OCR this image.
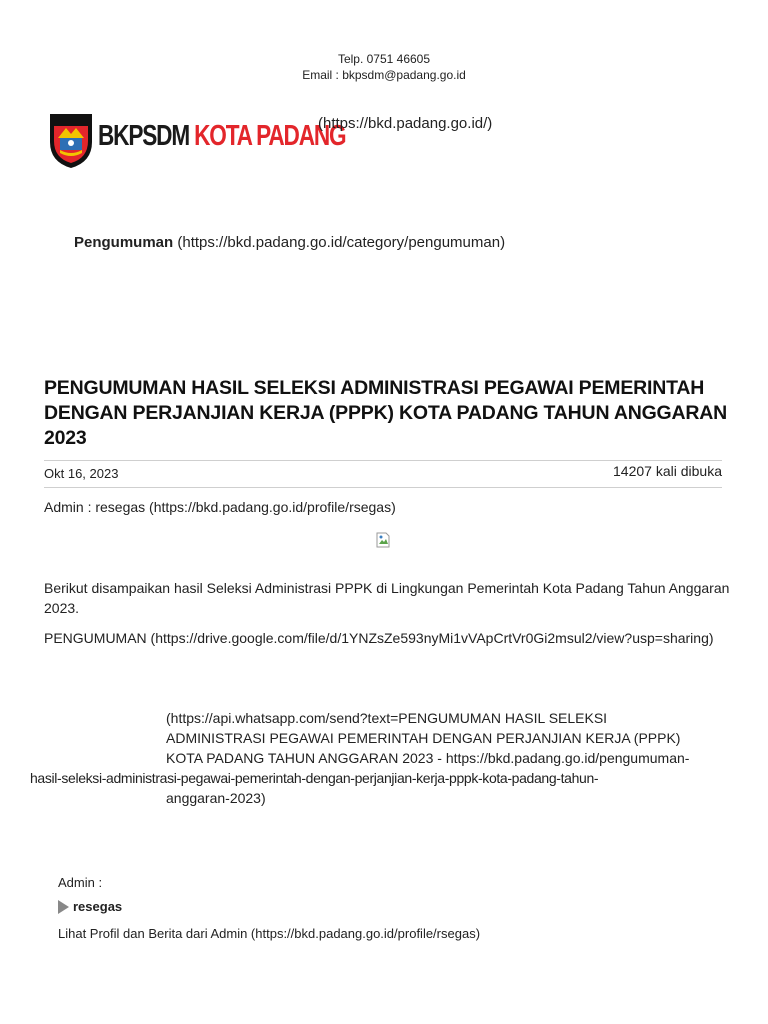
Telp. 0751 46605
Email : bkpsdm@padang.go.id
BKPSDM KOTA PADANG
(https://bkd.padang.go.id/)
Pengumuman (https://bkd.padang.go.id/category/pengumuman)
PENGUMUMAN HASIL SELEKSI ADMINISTRASI PEGAWAI PEMERINTAH DENGAN PERJANJIAN KERJA (PPPK) KOTA PADANG TAHUN ANGGARAN 2023
Okt 16, 2023	14207 kali dibuka
Admin : resegas (https://bkd.padang.go.id/profile/rsegas)

Berikut disampaikan hasil Seleksi Administrasi PPPK di Lingkungan Pemerintah Kota Padang Tahun Anggaran 2023.

PENGUMUMAN (https://drive.google.com/file/d/1YNZsZe593nyMi1vVApCrtVr0Gi2msul2/view?usp=sharing)

(https://api.whatsapp.com/send?text=PENGUMUMAN HASIL SELEKSI
ADMINISTRASI PEGAWAI PEMERINTAH DENGAN PERJANJIAN KERJA (PPPK)
KOTA PADANG TAHUN ANGGARAN 2023 - https://bkd.padang.go.id/pengumuman-
hasil-seleksi-administrasi-pegawai-pemerintah-dengan-perjanjian-kerja-pppk-kota-padang-tahun-
anggaran-2023)
Admin :
resegas
Lihat Profil dan Berita dari Admin (https://bkd.padang.go.id/profile/rsegas)
